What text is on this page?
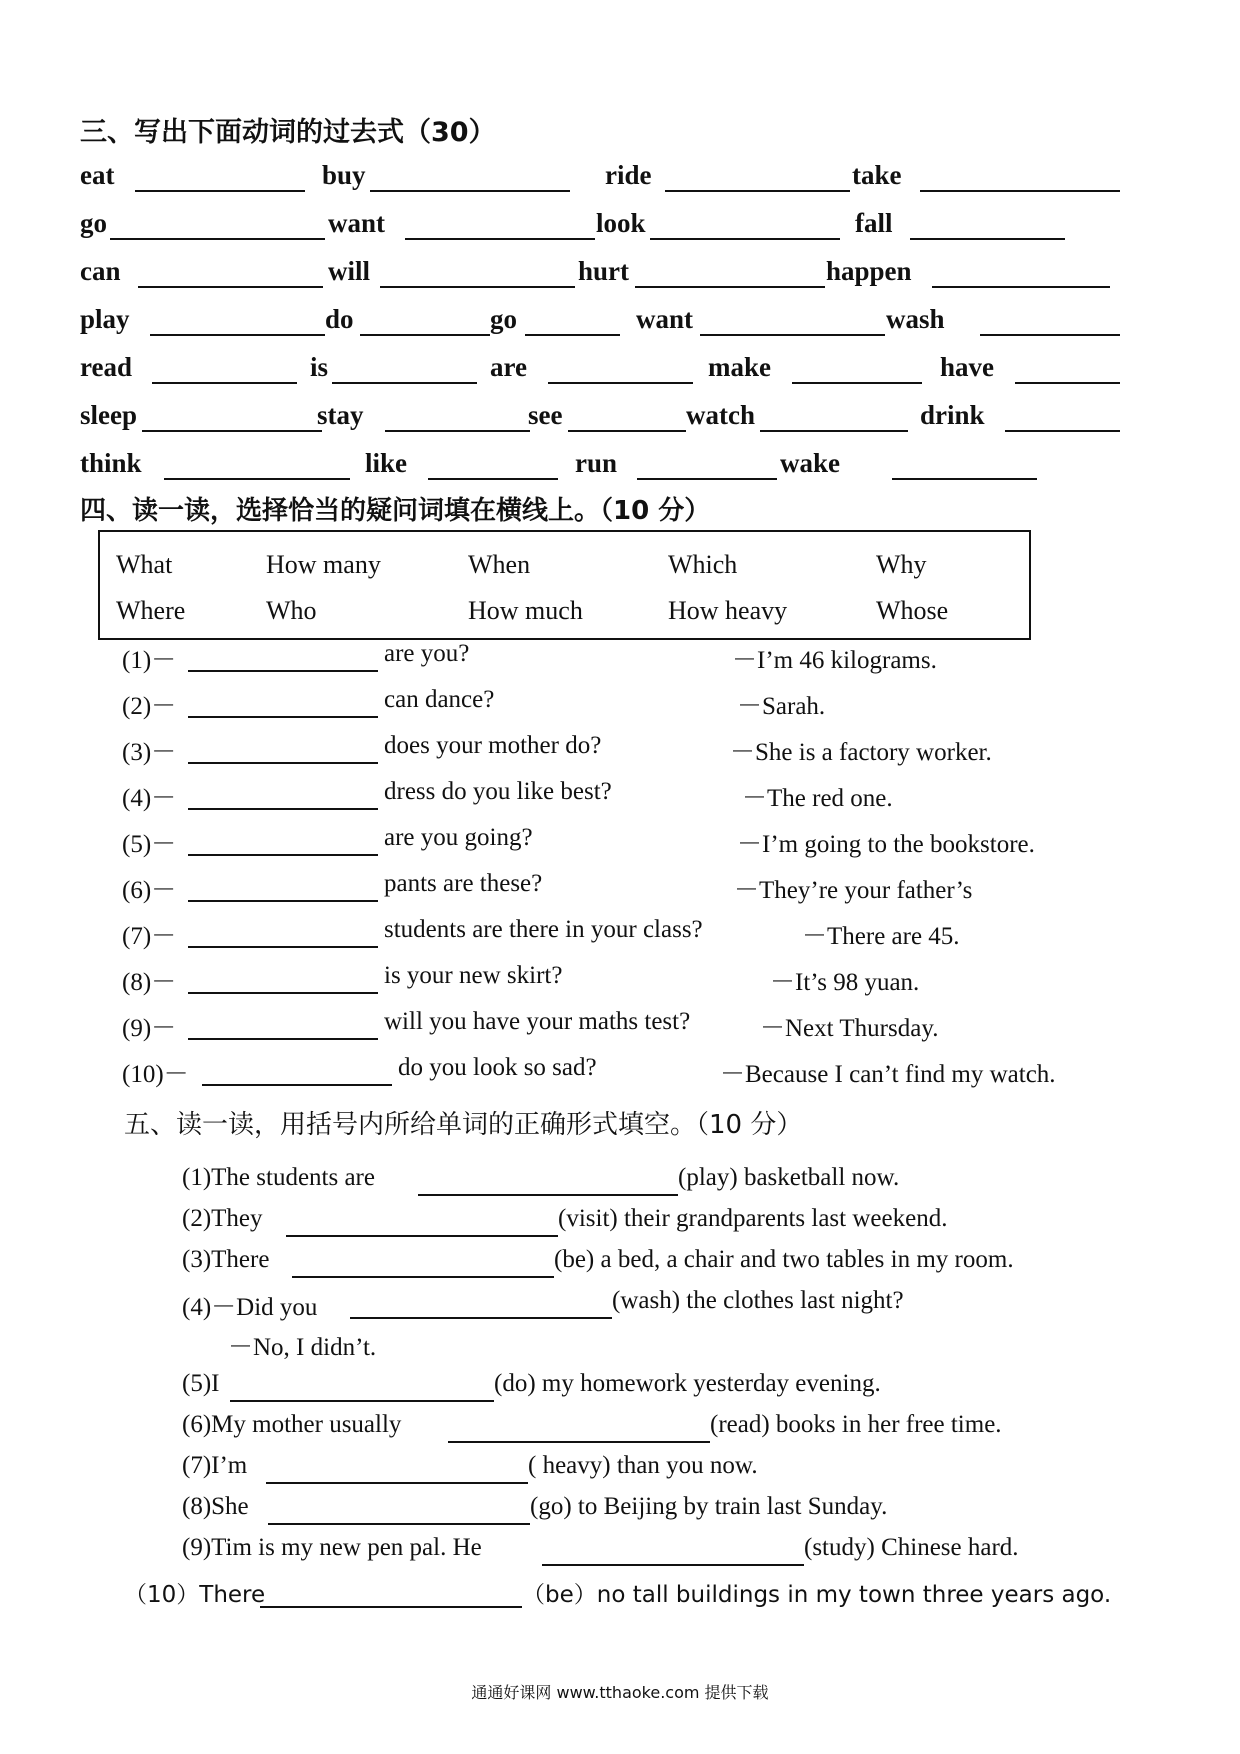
三、写出下面动词的过去式（30）
eat	buy	ride	take
go	want	look	fall
can	will	hurt	happen
play	do	go	want	wash
read	is	are	make	have
sleep	stay	see	watch	drink
think	like	run	wake
四、读一读，选择恰当的疑问词填在横线上。（10 分）
What	How many	When	Which	Why
Where	Who	How much	How heavy	Whose
(1)－	are you?	－I’m 46 kilograms.
(2)－	can dance?	－Sarah.
(3)－	does your mother do?	－She is a factory worker.
(4)－	dress do you like best?	－The red one.
(5)－	are you going?	－I’m going to the bookstore.
(6)－	pants are these?	－They’re your father’s
(7)－	students are there in your class?	－There are 45.
(8)－	is your new skirt?	－It’s 98 yuan.
(9)－	will you have your maths test?	－Next Thursday.
(10)－	do you look so sad?	－Because I can’t find my watch.
五、读一读，用括号内所给单词的正确形式填空。（10 分）
(1)The students are	(play) basketball now.
(2)They	(visit) their grandparents last weekend.
(3)There	(be) a bed, a chair and two tables in my room.
(4)－Did you	(wash) the clothes last night?
－No, I didn’t.
(5)I	(do) my homework yesterday evening.
(6)My mother usually	(read) books in her free time.
(7)I’m	( heavy) than you now.
(8)She	(go) to Beijing by train last Sunday.
(9)Tim is my new pen pal. He	(study) Chinese hard.
（10）There	（be）no tall buildings in my town three years ago.
通通好课网 www.tthaoke.com 提供下载
